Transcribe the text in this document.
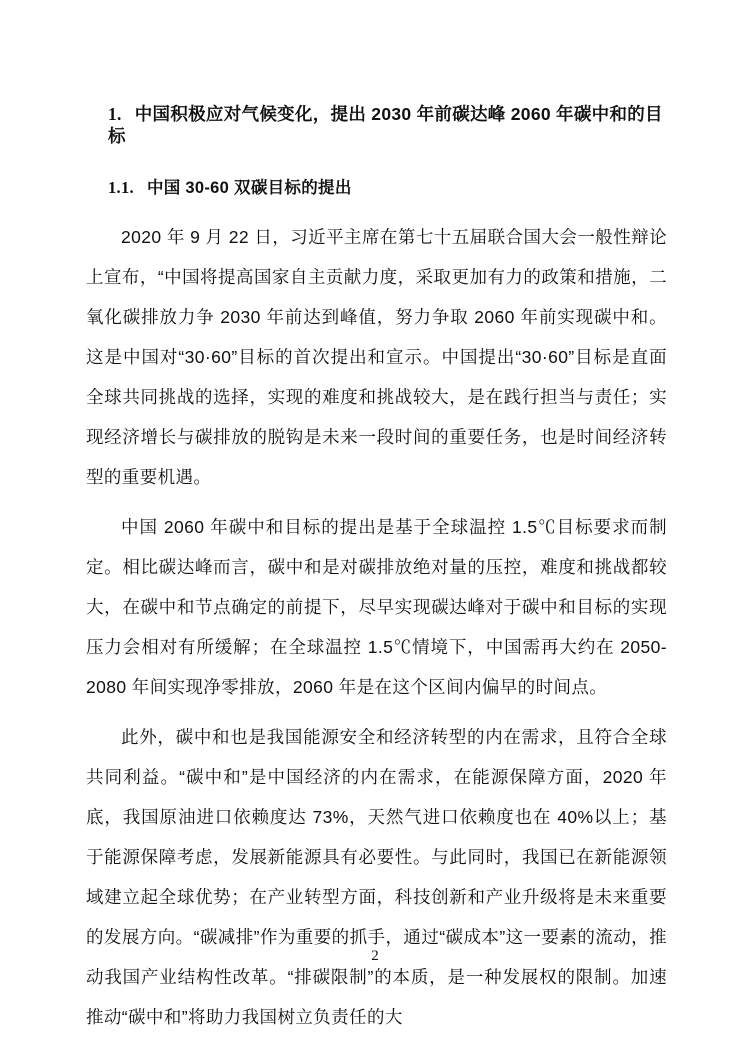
1. 中国积极应对气候变化，提出 2030 年前碳达峰 2060 年碳中和的目标
1.1. 中国 30-60 双碳目标的提出

2020 年 9 月 22 日，习近平主席在第七十五届联合国大会一般性辩论上宣布，“中国将提高国家自主贡献力度，采取更加有力的政策和措施，二氧化碳排放力争 2030 年前达到峰值，努力争取 2060 年前实现碳中和。这是中国对“30·60”目标的首次提出和宣示。中国提出“30·60”目标是直面全球共同挑战的选择，实现的难度和挑战较大，是在践行担当与责任；实现经济增长与碳排放的脱钩是未来一段时间的重要任务，也是时间经济转型的重要机遇。

中国 2060 年碳中和目标的提出是基于全球温控 1.5℃目标要求而制定。相比碳达峰而言，碳中和是对碳排放绝对量的压控，难度和挑战都较大，在碳中和节点确定的前提下，尽早实现碳达峰对于碳中和目标的实现压力会相对有所缓解；在全球温控 1.5℃情境下，中国需再大约在 2050-2080 年间实现净零排放，2060 年是在这个区间内偏早的时间点。

此外，碳中和也是我国能源安全和经济转型的内在需求，且符合全球共同利益。“碳中和”是中国经济的内在需求，在能源保障方面，2020 年底，我国原油进口依赖度达 73%，天然气进口依赖度也在 40%以上；基于能源保障考虑，发展新能源具有必要性。与此同时，我国已在新能源领域建立起全球优势；在产业转型方面，科技创新和产业升级将是未来重要的发展方向。“碳减排”作为重要的抓手，通过“碳成本”这一要素的流动，推动我国产业结构性改革。“排碳限制”的本质，是一种发展权的限制。加速推动“碳中和”将助力我国树立负责任的大

2
